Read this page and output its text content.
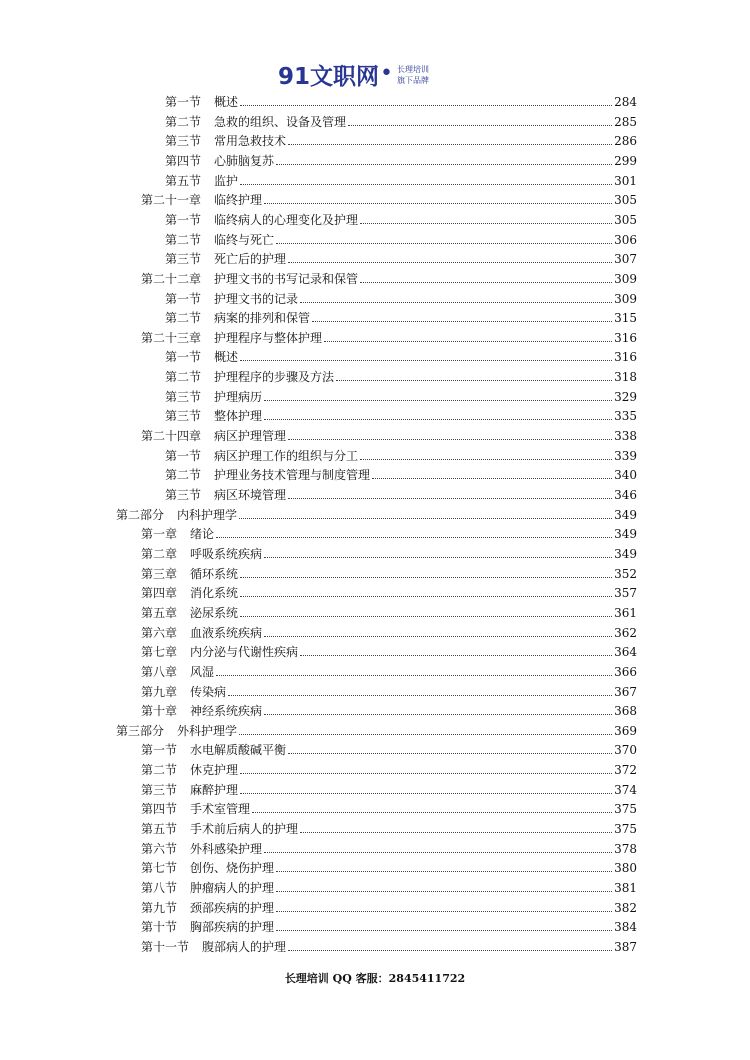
91文职网 • 长理培训
旗下品牌
第一节 概述	284
第二节 急救的组织、设备及管理	285
第三节 常用急救技术	286
第四节 心肺脑复苏	299
第五节 监护	301
第二十一章 临终护理	305
第一节 临终病人的心理变化及护理	305
第二节 临终与死亡	306
第三节 死亡后的护理	307
第二十二章 护理文书的书写记录和保管	309
第一节 护理文书的记录	309
第二节 病案的排列和保管	315
第二十三章 护理程序与整体护理	316
第一节 概述	316
第二节 护理程序的步骤及方法	318
第三节 护理病历	329
第三节 整体护理	335
第二十四章 病区护理管理	338
第一节 病区护理工作的组织与分工	339
第二节 护理业务技术管理与制度管理	340
第三节 病区环境管理	346
第二部分 内科护理学	349
第一章 绪论	349
第二章 呼吸系统疾病	349
第三章 循环系统	352
第四章 消化系统	357
第五章 泌尿系统	361
第六章 血液系统疾病	362
第七章 内分泌与代谢性疾病	364
第八章 风湿	366
第九章 传染病	367
第十章 神经系统疾病	368
第三部分 外科护理学	369
第一节 水电解质酸碱平衡	370
第二节 休克护理	372
第三节 麻醉护理	374
第四节 手术室管理	375
第五节 手术前后病人的护理	375
第六节 外科感染护理	378
第七节 创伤、烧伤护理	380
第八节 肿瘤病人的护理	381
第九节 颈部疾病的护理	382
第十节 胸部疾病的护理	384
第十一节 腹部病人的护理	387
长理培训 QQ 客服：2845411722
